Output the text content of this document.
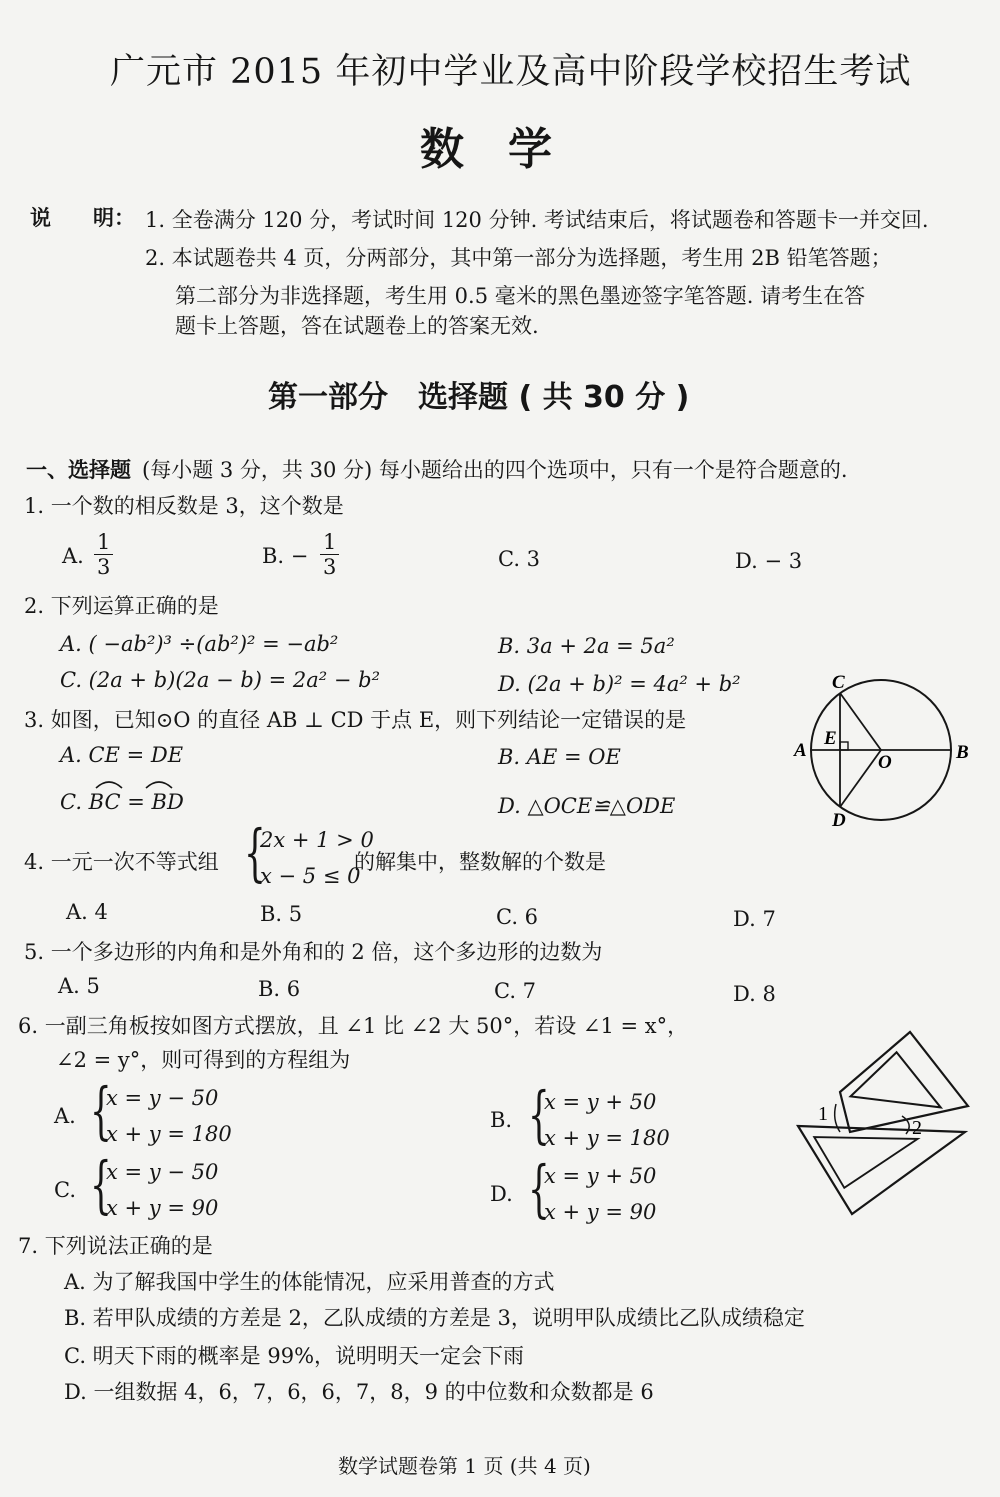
广元市 2015 年初中学业及高中阶段学校招生考试
数　学
说　　明： 1. 全卷满分 120 分，考试时间 120 分钟. 考试结束后，将试题卷和答题卡一并交回.
2. 本试题卷共 4 页，分两部分，其中第一部分为选择题，考生用 2B 铅笔答题；
第二部分为非选择题，考生用 0.5 毫米的黑色墨迹签字笔答题. 请考生在答
题卡上答题，答在试题卷上的答案无效.
第一部分　选择题 ( 共 30 分 )
一、选择题 (每小题 3 分，共 30 分) 每小题给出的四个选项中，只有一个是符合题意的.
1. 一个数的相反数是 3，这个数是
A. $\frac{1}{3}$	B. − $\frac{1}{3}$	C. 3	D. − 3
2. 下列运算正确的是
A. ( −ab²)³ ÷(ab²)² = −ab²	B. 3a + 2a = 5a²
C. (2a + b)(2a − b) = 2a² − b²	D. (2a + b)² = 4a² + b²
3. 如图，已知⊙O 的直径 AB ⊥ CD 于点 E，则下列结论一定错误的是
A. CE = DE	B. AE = OE
C. BC = BD	D. △OCE≌△ODE
C
A
E
O	B
D
4. 一元一次不等式组 {
2x + 1 > 0
x − 5 ≤ 0
的解集中，整数解的个数是
A. 4	B. 5	C. 6	D. 7
5. 一个多边形的内角和是外角和的 2 倍，这个多边形的边数为
A. 5	B. 6	C. 7	D. 8
6. 一副三角板按如图方式摆放，且 ∠1 比 ∠2 大 50°，若设 ∠1 = x°，
∠2 = y°，则可得到的方程组为
A. {
x = y − 50
x + y = 180
B. {
x = y + 50
x + y = 180
C. {
x = y − 50
x + y = 90
D. {
x = y + 50
x + y = 90
1
2
7. 下列说法正确的是
A. 为了解我国中学生的体能情况，应采用普查的方式
B. 若甲队成绩的方差是 2，乙队成绩的方差是 3，说明甲队成绩比乙队成绩稳定
C. 明天下雨的概率是 99%，说明明天一定会下雨
D. 一组数据 4，6，7，6，6，7，8，9 的中位数和众数都是 6
数学试题卷第 1 页 (共 4 页)
